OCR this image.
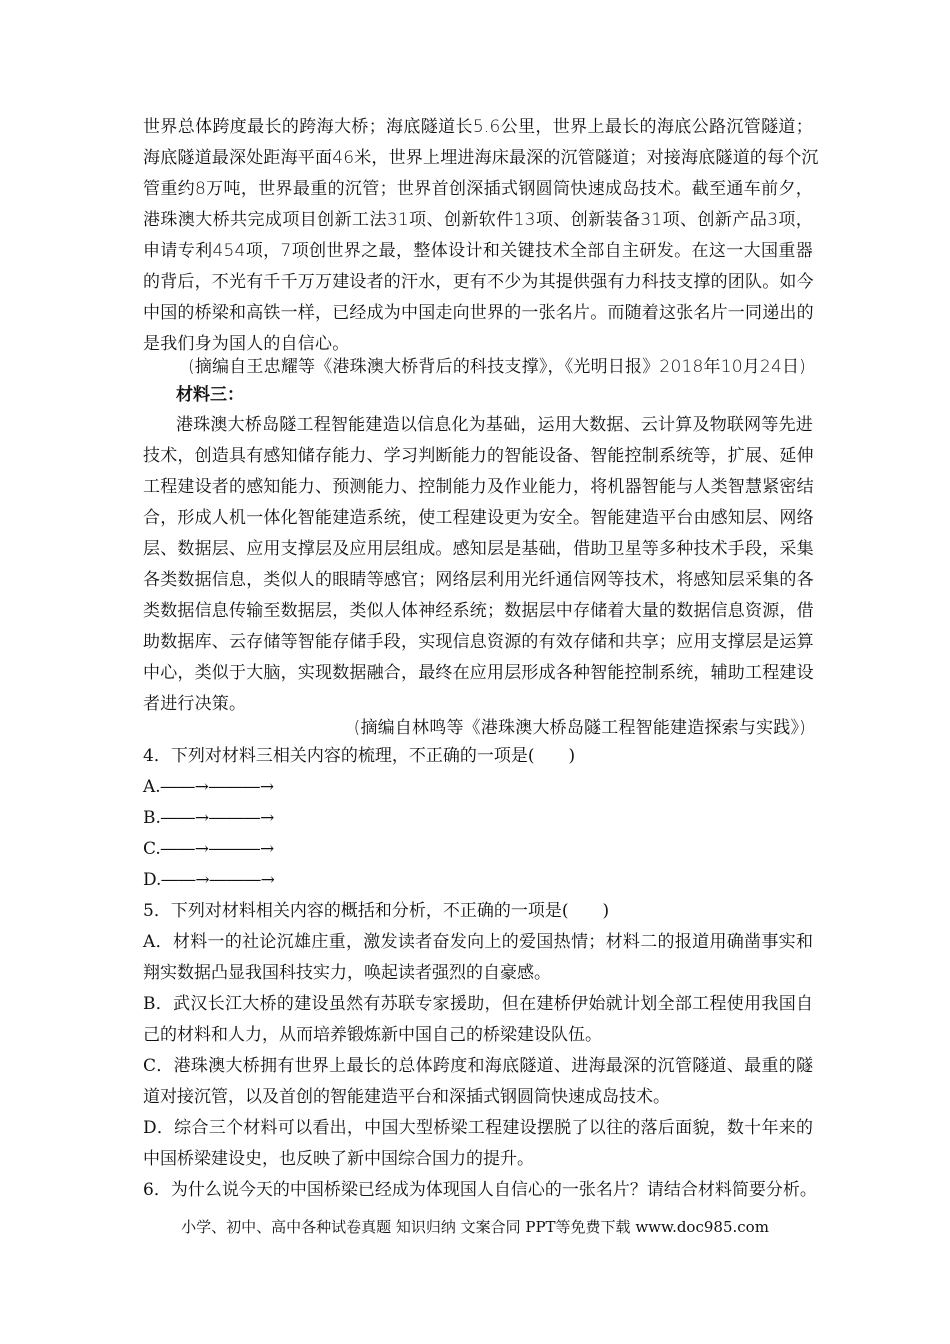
世界总体跨度最长的跨海大桥；海底隧道长5.6公里，世界上最长的海底公路沉管隧道；
海底隧道最深处距海平面46米，世界上埋进海床最深的沉管隧道；对接海底隧道的每个沉
管重约8万吨，世界最重的沉管；世界首创深插式钢圆筒快速成岛技术。截至通车前夕，
港珠澳大桥共完成项目创新工法31项、创新软件13项、创新装备31项、创新产品3项，
申请专利454项，7项创世界之最，整体设计和关键技术全部自主研发。在这一大国重器
的背后，不光有千千万万建设者的汗水，更有不少为其提供强有力科技支撑的团队。如今
中国的桥梁和高铁一样，已经成为中国走向世界的一张名片。而随着这张名片一同递出的
是我们身为国人的自信心。
(摘编自王忠耀等《港珠澳大桥背后的科技支撑》，《光明日报》2018年10月24日)
材料三：
港珠澳大桥岛隧工程智能建造以信息化为基础，运用大数据、云计算及物联网等先进
技术，创造具有感知储存能力、学习判断能力的智能设备、智能控制系统等，扩展、延伸
工程建设者的感知能力、预测能力、控制能力及作业能力，将机器智能与人类智慧紧密结
合，形成人机一体化智能建造系统，使工程建设更为安全。智能建造平台由感知层、网络
层、数据层、应用支撑层及应用层组成。感知层是基础，借助卫星等多种技术手段，采集
各类数据信息，类似人的眼睛等感官；网络层利用光纤通信网等技术，将感知层采集的各
类数据信息传输至数据层，类似人体神经系统；数据层中存储着大量的数据信息资源，借
助数据库、云存储等智能存储手段，实现信息资源的有效存储和共享；应用支撑层是运算
中心，类似于大脑，实现数据融合，最终在应用层形成各种智能控制系统，辅助工程建设
者进行决策。
(摘编自林鸣等《港珠澳大桥岛隧工程智能建造探索与实践》)
4．下列对材料三相关内容的梳理，不正确的一项是(　　)
A.――→―――→
B.――→―――→
C.――→―――→
D.――→―――→
5．下列对材料相关内容的概括和分析，不正确的一项是(　　)
A．材料一的社论沉雄庄重，激发读者奋发向上的爱国热情；材料二的报道用确凿事实和
翔实数据凸显我国科技实力，唤起读者强烈的自豪感。
B．武汉长江大桥的建设虽然有苏联专家援助，但在建桥伊始就计划全部工程使用我国自
己的材料和人力，从而培养锻炼新中国自己的桥梁建设队伍。
C．港珠澳大桥拥有世界上最长的总体跨度和海底隧道、进海最深的沉管隧道、最重的隧
道对接沉管，以及首创的智能建造平台和深插式钢圆筒快速成岛技术。
D．综合三个材料可以看出，中国大型桥梁工程建设摆脱了以往的落后面貌，数十年来的
中国桥梁建设史，也反映了新中国综合国力的提升。
6．为什么说今天的中国桥梁已经成为体现国人自信心的一张名片？请结合材料简要分析。
小学、初中、高中各种试卷真题 知识归纳 文案合同 PPT等免费下载 www.doc985.com
